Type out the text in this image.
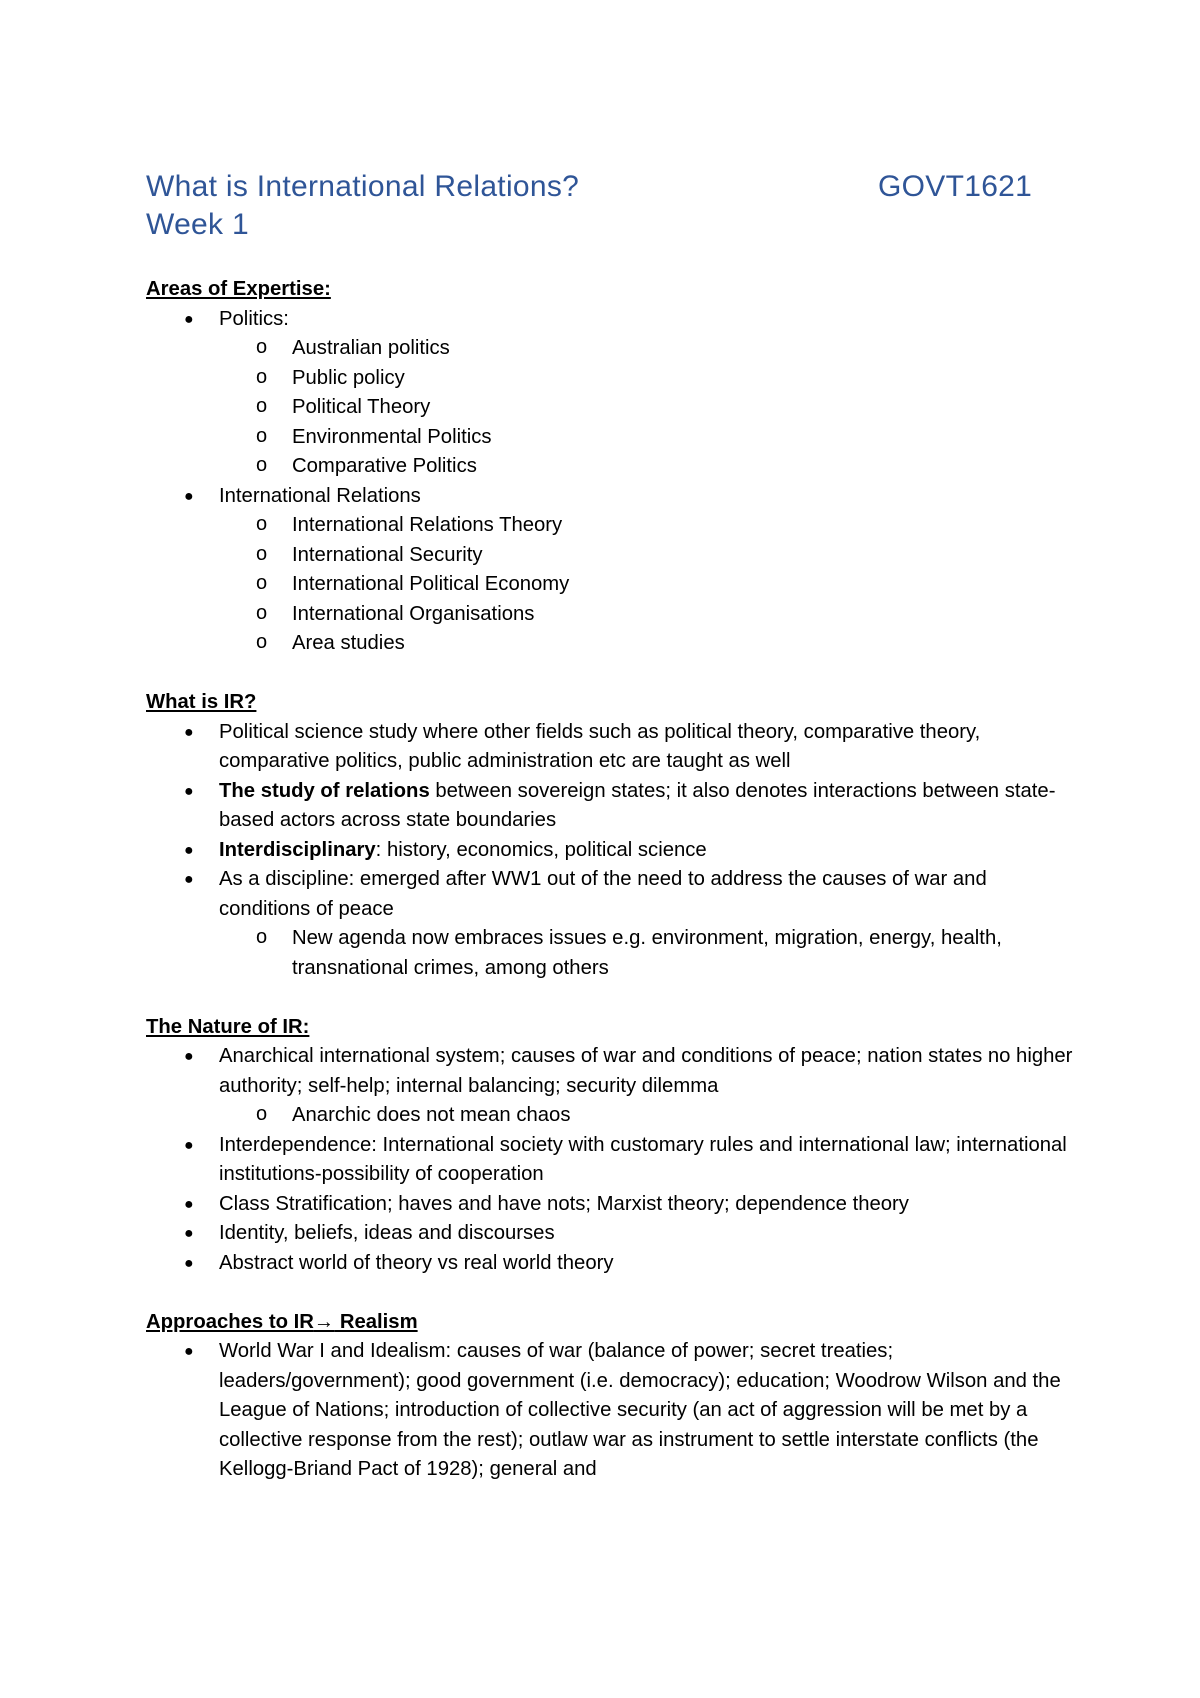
What is International Relations?	GOVT1621
Week 1

Areas of Expertise:

● Politics:
o Australian politics
o Public policy
o Political Theory
o Environmental Politics
o Comparative Politics
● International Relations
o International Relations Theory
o International Security
o International Political Economy
o International Organisations
o Area studies

What is IR?

● Political science study where other fields such as political theory, comparative theory, comparative politics, public administration etc are taught as well
● The study of relations between sovereign states; it also denotes interactions between state-based actors across state boundaries
● Interdisciplinary: history, economics, political science
● As a discipline: emerged after WW1 out of the need to address the causes of war and conditions of peace
o New agenda now embraces issues e.g. environment, migration, energy, health, transnational crimes, among others

The Nature of IR:

● Anarchical international system; causes of war and conditions of peace; nation states no higher authority; self-help; internal balancing; security dilemma
o Anarchic does not mean chaos
● Interdependence: International society with customary rules and international law; international institutions-possibility of cooperation
● Class Stratification; haves and have nots; Marxist theory; dependence theory
● Identity, beliefs, ideas and discourses
● Abstract world of theory vs real world theory

Approaches to IR→ Realism

● World War I and Idealism: causes of war (balance of power; secret treaties; leaders/government); good government (i.e. democracy); education; Woodrow Wilson and the League of Nations; introduction of collective security (an act of aggression will be met by a collective response from the rest); outlaw war as instrument to settle interstate conflicts (the Kellogg-Briand Pact of 1928); general and
